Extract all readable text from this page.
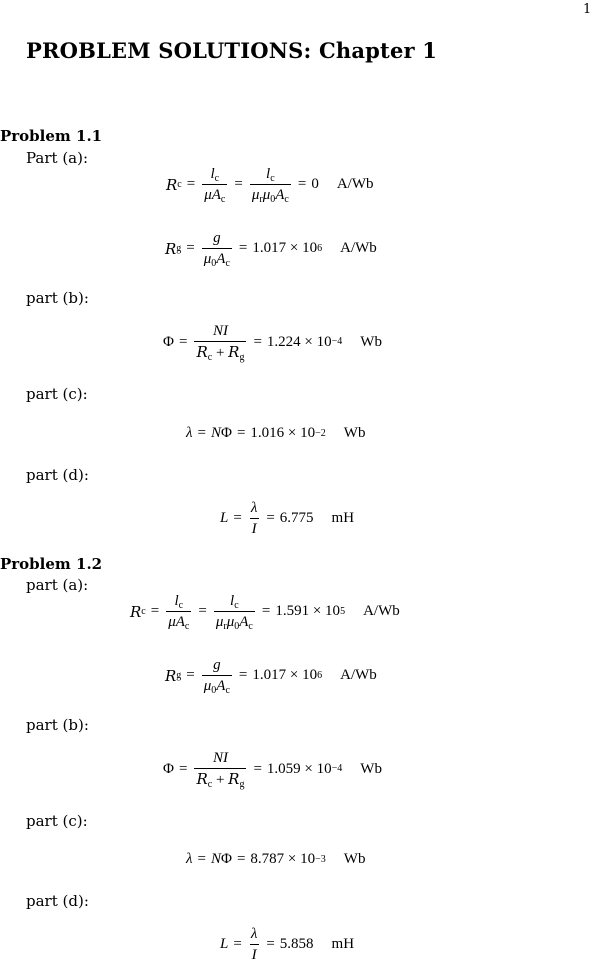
1
PROBLEM SOLUTIONS: Chapter 1
Problem 1.1
Part (a):
R $c = \frac{l_c}{\mu A_c} = \frac{l_c}{\mu_r\mu_0A_c} = 0$ A/Wb
R $g = \frac{g}{\mu_0A_c} = 1.017 \times 10$ 6 A/Wb
part (b):
$\Phi = \frac{NI}{R_c + R_g} = 1.224 \times 10 -4$ Wb
part (c):
λ = N Φ = 1.016 × 10 −2 Wb
part (d):
$L = \frac{\lambda}{I} = 6.775$ mH
Problem 1.2
part (a):
R $c = \frac{l_c}{\mu A_c} = \frac{l_c}{\mu_r\mu_0A_c} = 1.591 \times 10$ 5 A/Wb
R $g = \frac{g}{\mu_0A_c} = 1.017 \times 10$ 6 A/Wb
part (b):
$\Phi = \frac{NI}{R_c + R_g} = 1.059 \times 10 -4$ Wb
part (c):
λ = N Φ = 8.787 × 10 −3 Wb
part (d):
$L = \frac{\lambda}{I} = 5.858$ mH
